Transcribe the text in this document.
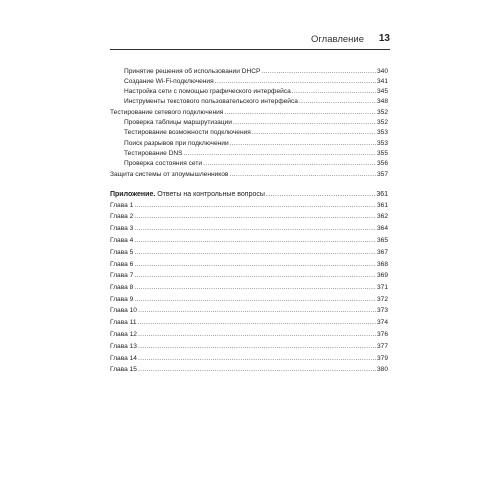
Оглавление 13
Принятие решения об использовании DHCP .....	340
Создание Wi-Fi-подключения .....	341
Настройка сети с помощью графического интерфейса .....	345
Инструменты текстового пользовательского интерфейса .....	348
Тестирование сетевого подключения .....	352
Проверка таблицы маршрутизации .....	352
Тестирование возможности подключения .....	353
Поиск разрывов при подключении .....	353
Тестирование DNS .....	355
Проверка состояния сети .....	356
Защита системы от злоумышленников .....	357
Приложение. Ответы на контрольные вопросы .....	361
Глава 1 .....	361
Глава 2 .....	362
Глава 3 .....	364
Глава 4 .....	365
Глава 5 .....	367
Глава 6 .....	368
Глава 7 .....	369
Глава 8 .....	371
Глава 9 .....	372
Глава 10 .....	373
Глава 11 .....	374
Глава 12 .....	376
Глава 13 .....	377
Глава 14 .....	379
Глава 15 .....	380
